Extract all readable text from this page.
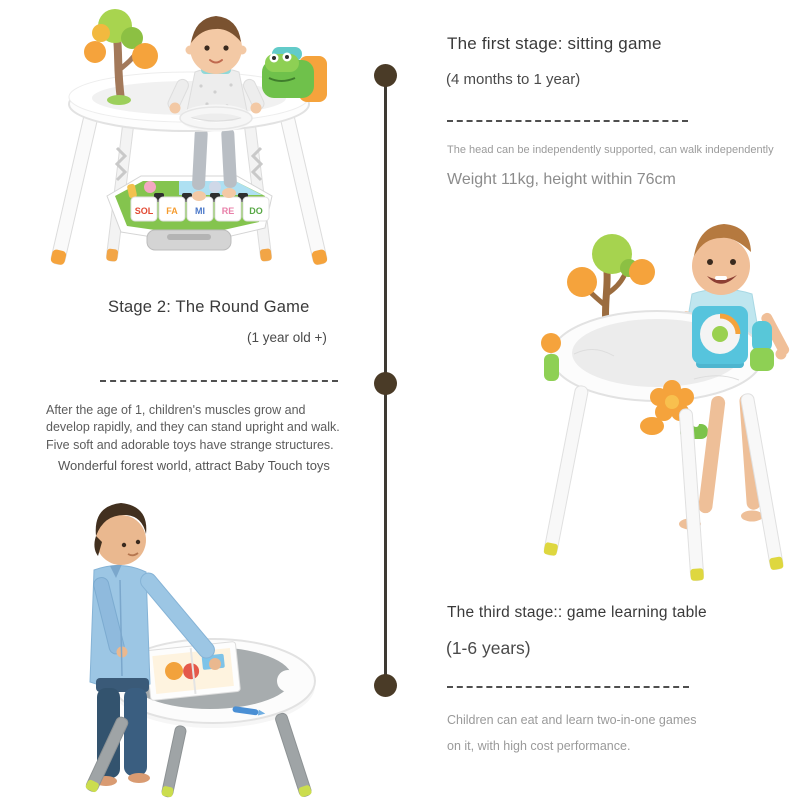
The first stage: sitting game
(4 months to 1 year)
The head can be independently supported, can walk independently
Weight 11kg, height within 76cm
Stage 2: The Round Game
(1 year old +)
After the age of 1, children's muscles grow and develop rapidly, and they can stand upright and walk. Five soft and adorable toys have strange structures.
Wonderful forest world, attract Baby Touch toys
The third stage:: game learning table
(1-6 years)
Children can eat and learn two-in-one games on it, with high cost performance.
SOL FA MI RE DO
